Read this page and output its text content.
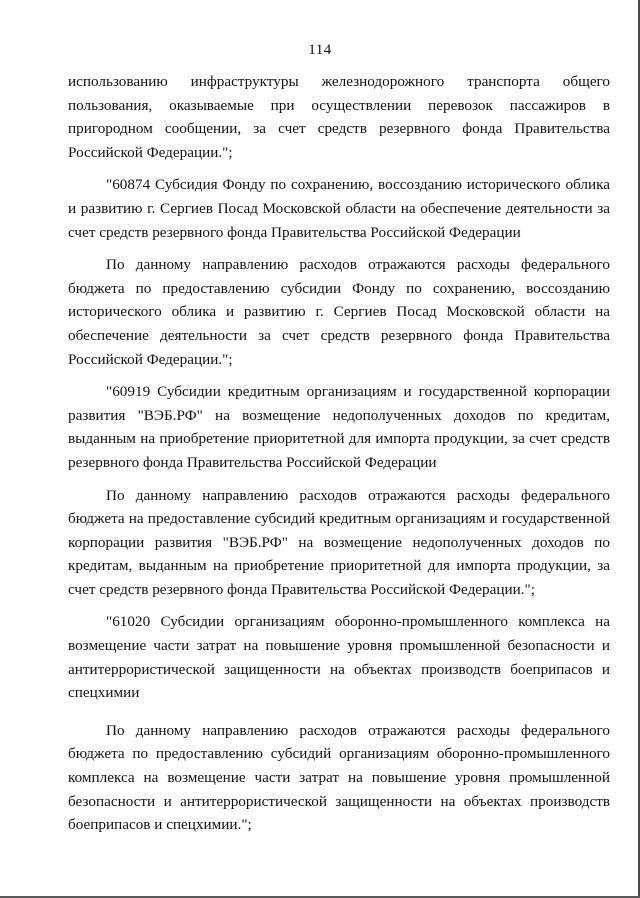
114

использованию инфраструктуры железнодорожного транспорта общего пользования, оказываемые при осуществлении перевозок пассажиров в пригородном сообщении, за счет средств резервного фонда Правительства Российской Федерации.";

"60874 Субсидия Фонду по сохранению, воссозданию исторического облика и развитию г. Сергиев Посад Московской области на обеспечение деятельности за счет средств резервного фонда Правительства Российской Федерации

По данному направлению расходов отражаются расходы федерального бюджета по предоставлению субсидии Фонду по сохранению, воссозданию исторического облика и развитию г. Сергиев Посад Московской области на обеспечение деятельности за счет средств резервного фонда Правительства Российской Федерации.";

"60919 Субсидии кредитным организациям и государственной корпорации развития "ВЭБ.РФ" на возмещение недополученных доходов по кредитам, выданным на приобретение приоритетной для импорта продукции, за счет средств резервного фонда Правительства Российской Федерации

По данному направлению расходов отражаются расходы федерального бюджета на предоставление субсидий кредитным организациям и государственной корпорации развития "ВЭБ.РФ" на возмещение недополученных доходов по кредитам, выданным на приобретение приоритетной для импорта продукции, за счет средств резервного фонда Правительства Российской Федерации.";

"61020 Субсидии организациям оборонно-промышленного комплекса на возмещение части затрат на повышение уровня промышленной безопасности и антитеррористической защищенности на объектах производств боеприпасов и спецхимии

По данному направлению расходов отражаются расходы федерального бюджета по предоставлению субсидий организациям оборонно-промышленного комплекса на возмещение части затрат на повышение уровня промышленной безопасности и антитеррористической защищенности на объектах производств боеприпасов и спецхимии.";
